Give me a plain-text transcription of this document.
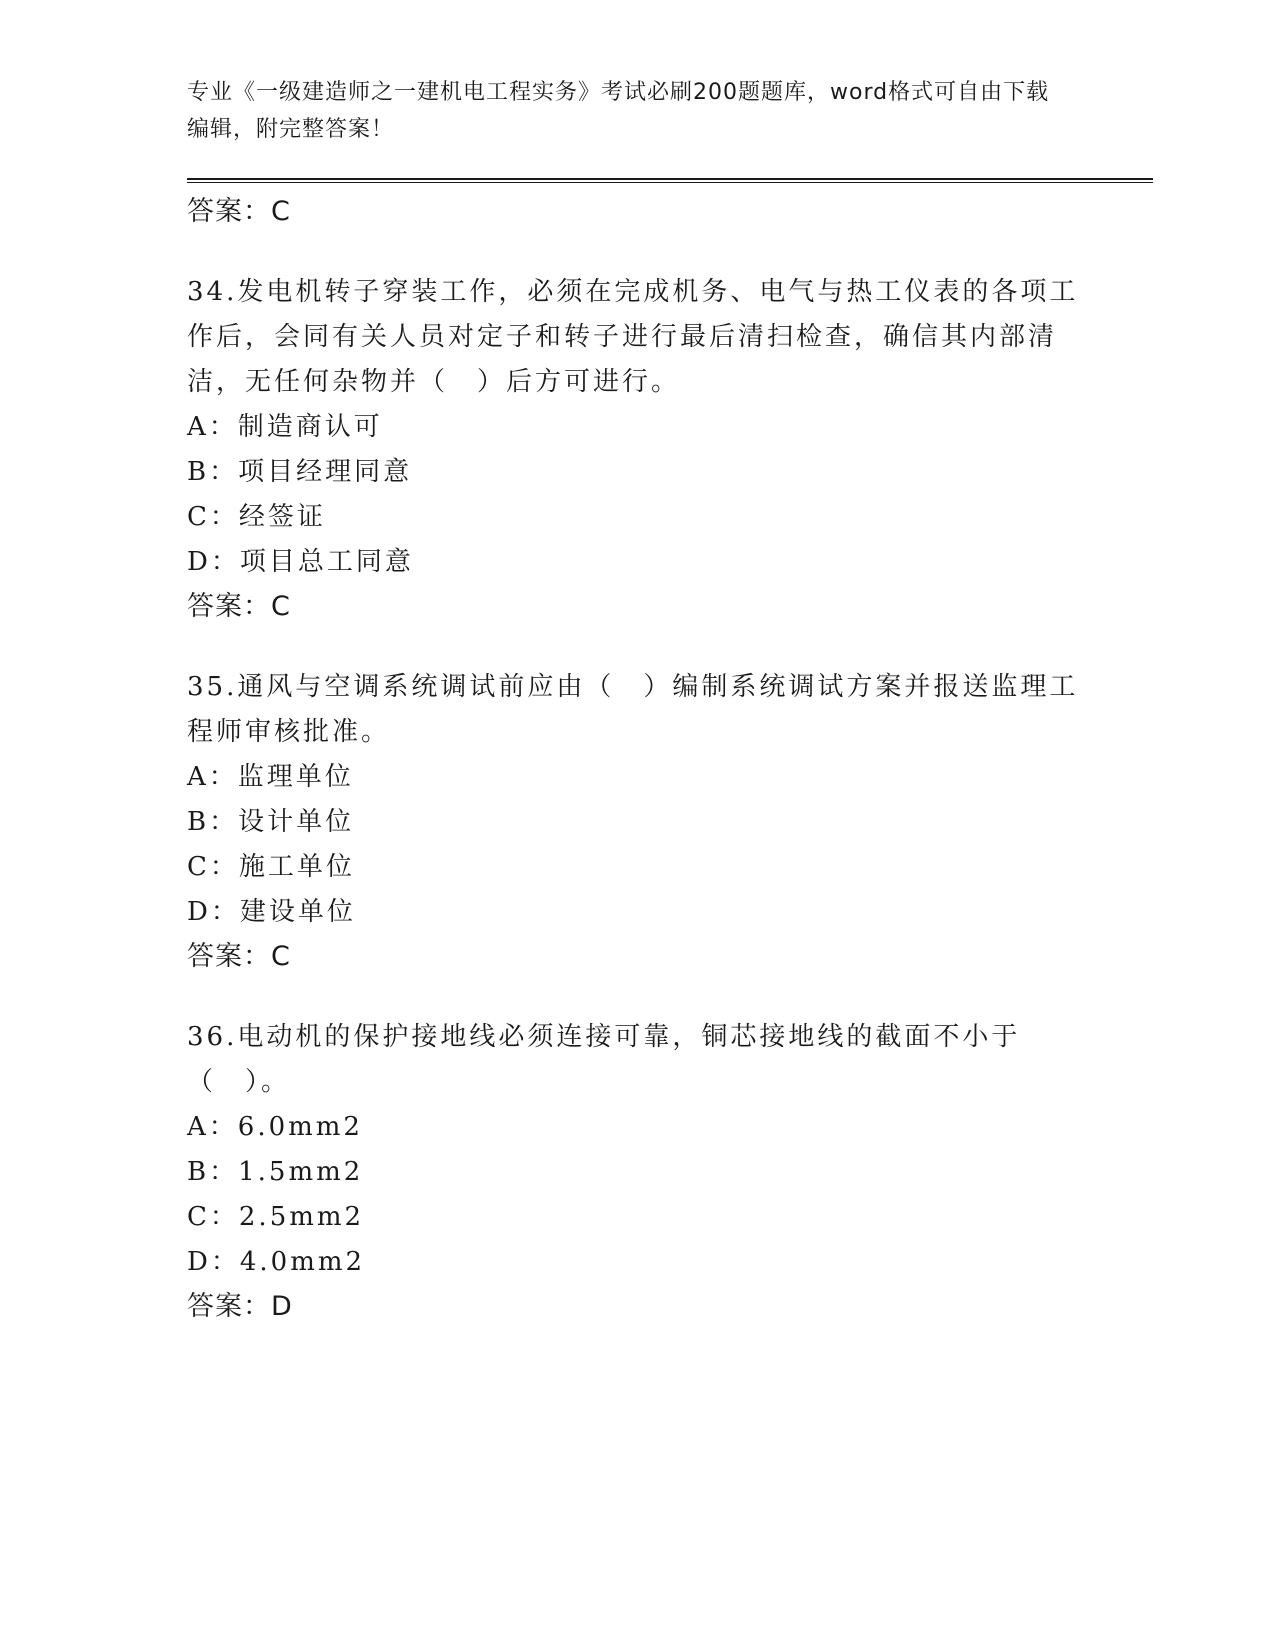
专业《一级建造师之一建机电工程实务》考试必刷200题题库，word格式可自由下载编辑，附完整答案！

答案：C

34.发电机转子穿装工作，必须在完成机务、电气与热工仪表的各项工作后，会同有关人员对定子和转子进行最后清扫检查，确信其内部清洁，无任何杂物并（　）后方可进行。

A：制造商认可

B：项目经理同意

C：经签证

D：项目总工同意

答案：C

35.通风与空调系统调试前应由（　）编制系统调试方案并报送监理工程师审核批准。

A：监理单位

B：设计单位

C：施工单位

D：建设单位

答案：C

36.电动机的保护接地线必须连接可靠，铜芯接地线的截面不小于（　）。

A：6.0mm2

B：1.5mm2

C：2.5mm2

D：4.0mm2

答案：D
